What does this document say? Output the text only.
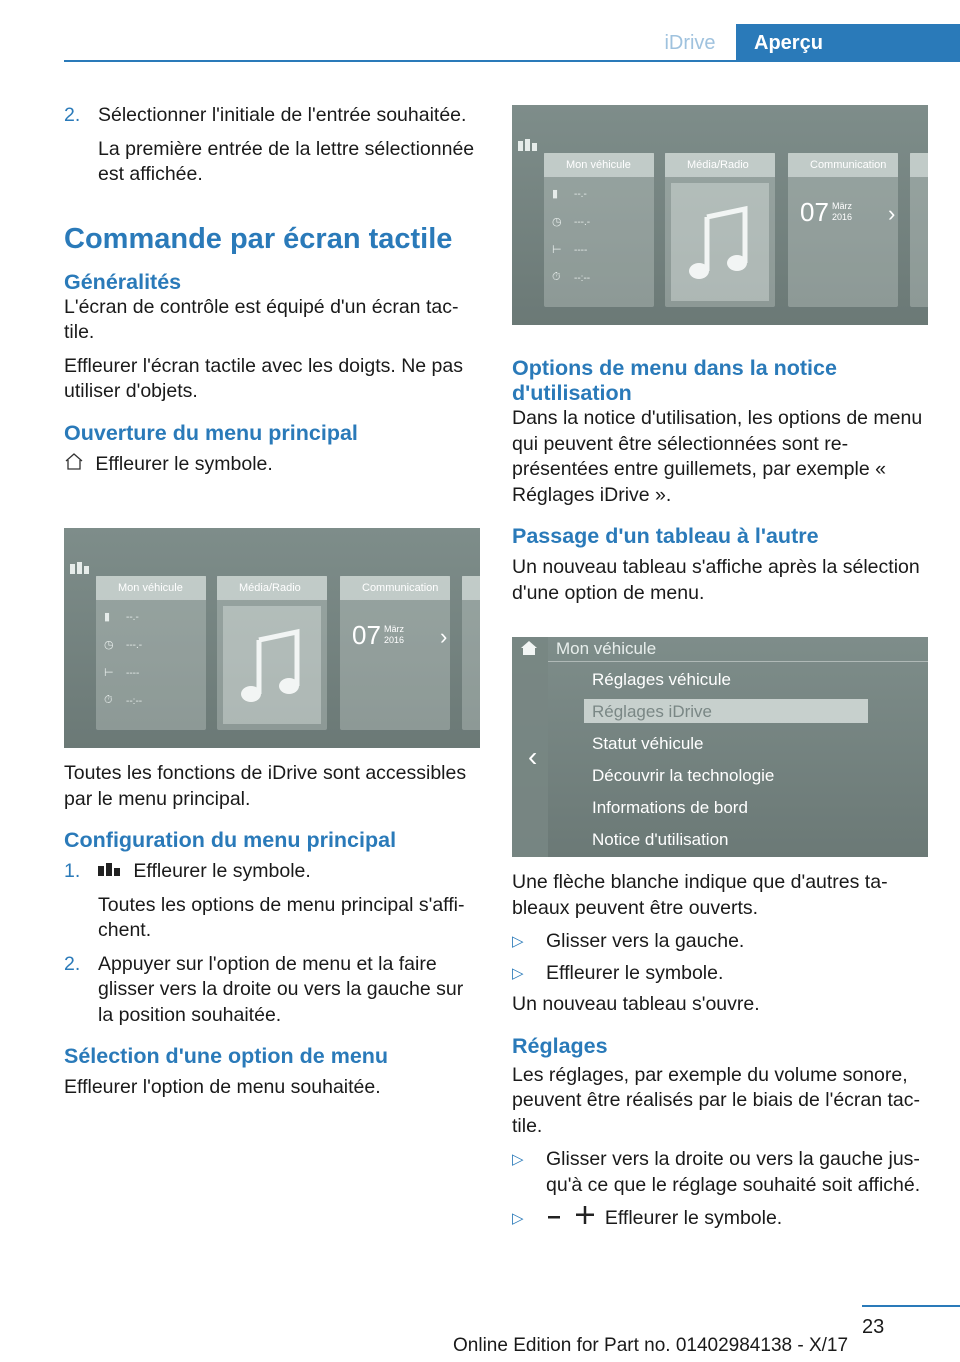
iDrive	Aperçu
2. Sélectionner l'initiale de l'entrée souhaitée.
La première entrée de la lettre sélectionnée est affichée.
Commande par écran tactile
Généralités

L'écran de contrôle est équipé d'un écran tactile.

Effleurer l'écran tactile avec les doigts. Ne pas utiliser d'objets.

Ouverture du menu principal

Effleurer le symbole.

Mon véhicule
▮ --.-
◷ ---.-
⊢ ----
⏱ --:--
Média/Radio	Communication
07 März
2016 ›

Toutes les fonctions de iDrive sont accessibles par le menu principal.

Configuration du menu principal
1.	Effleurer le symbole.
Toutes les options de menu principal s'affichent.
2. Appuyer sur l'option de menu et la faire glisser vers la droite ou vers la gauche sur la position souhaitée.
Sélection d'une option de menu

Effleurer l'option de menu souhaitée.

Mon véhicule
▮ --.-
◷ ---.-
⊢ ----
⏱ --:--
Média/Radio	Communication
07 März
2016 ›
Options de menu dans la notice d'utilisation

Dans la notice d'utilisation, les options de menu qui peuvent être sélectionnées sont représentées entre guillemets, par exemple « Réglages iDrive ».

Passage d'un tableau à l'autre

Un nouveau tableau s'affiche après la sélection d'une option de menu.

Mon véhicule
‹
Réglages véhicule
Réglages iDrive
Statut véhicule
Découvrir la technologie
Informations de bord
Notice d'utilisation

Une flèche blanche indique que d'autres tableaux peuvent être ouverts.

▷ Glisser vers la gauche.
▷ Effleurer le symbole.

Un nouveau tableau s'ouvre.

Réglages

Les réglages, par exemple du volume sonore, peuvent être réalisés par le biais de l'écran tactile.

▷ Glisser vers la droite ou vers la gauche jusqu'à ce que le réglage souhaité soit affiché.
▷	Effleurer le symbole.
23
Online Edition for Part no. 01402984138 - X/17
